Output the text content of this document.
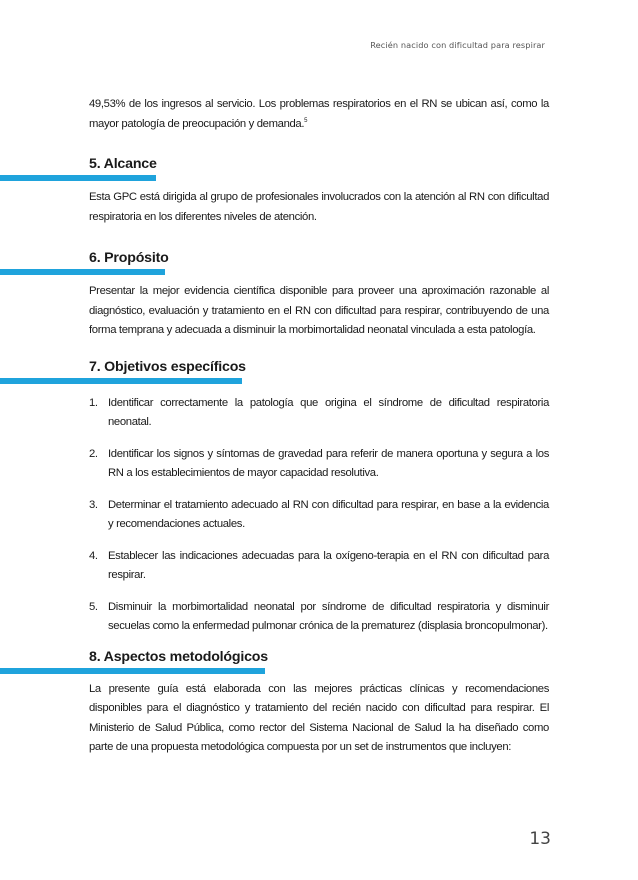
Recién nacido con dificultad para respirar

49,53% de los ingresos al servicio. Los problemas respiratorios en el RN se ubican así, como la mayor patología de preocupación y demanda.$^5$

5. Alcance

Esta GPC está dirigida al grupo de profesionales involucrados con la atención al RN con dificultad respiratoria en los diferentes niveles de atención.

6. Propósito

Presentar la mejor evidencia científica disponible para proveer una aproximación razonable al diagnóstico, evaluación y tratamiento en el RN con dificultad para respirar, contribuyendo de una forma temprana y adecuada a disminuir la morbimortalidad neonatal vinculada a esta patología.

7. Objetivos específicos
1. Identificar correctamente la patología que origina el síndrome de dificultad respiratoria neonatal.
2. Identificar los signos y síntomas de gravedad para referir de manera oportuna y segura a los RN a los establecimientos de mayor capacidad resolutiva.
3. Determinar el tratamiento adecuado al RN con dificultad para respirar, en base a la evidencia y recomendaciones actuales.
4. Establecer las indicaciones adecuadas para la oxígeno-terapia en el RN con dificultad para respirar.
5. Disminuir la morbimortalidad neonatal por síndrome de dificultad respiratoria y disminuir secuelas como la enfermedad pulmonar crónica de la prematurez (displasia broncopulmonar).
8. Aspectos metodológicos

La presente guía está elaborada con las mejores prácticas clínicas y recomendaciones disponibles para el diagnóstico y tratamiento del recién nacido con dificultad para respirar. El Ministerio de Salud Pública, como rector del Sistema Nacional de Salud la ha diseñado como parte de una propuesta metodológica compuesta por un set de instrumentos que incluyen:

13
